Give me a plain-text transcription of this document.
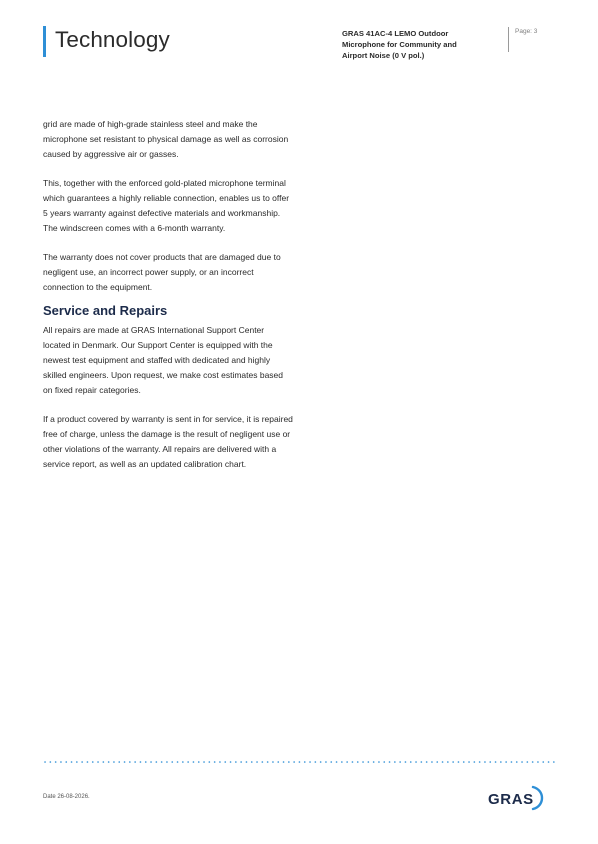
Technology	GRAS 41AC-4 LEMO Outdoor
Microphone for Community and
Airport Noise (0 V pol.)
Page: 3

grid are made of high-grade stainless steel and make the microphone set resistant to physical damage as well as corrosion caused by aggressive air or gasses.

This, together with the enforced gold-plated microphone terminal which guarantees a highly reliable connection, enables us to offer 5 years warranty against defective materials and workmanship. The windscreen comes with a 6-month warranty.

The warranty does not cover products that are damaged due to negligent use, an incorrect power supply, or an incorrect connection to the equipment.

Service and Repairs

All repairs are made at GRAS International Support Center located in Denmark. Our Support Center is equipped with the newest test equipment and staffed with dedicated and highly skilled engineers. Upon request, we make cost estimates based on fixed repair categories.

If a product covered by warranty is sent in for service, it is repaired free of charge, unless the damage is the result of negligent use or other violations of the warranty. All repairs are delivered with a service report, as well as an updated calibration chart.

Date 26-08-2026.	GRAS
